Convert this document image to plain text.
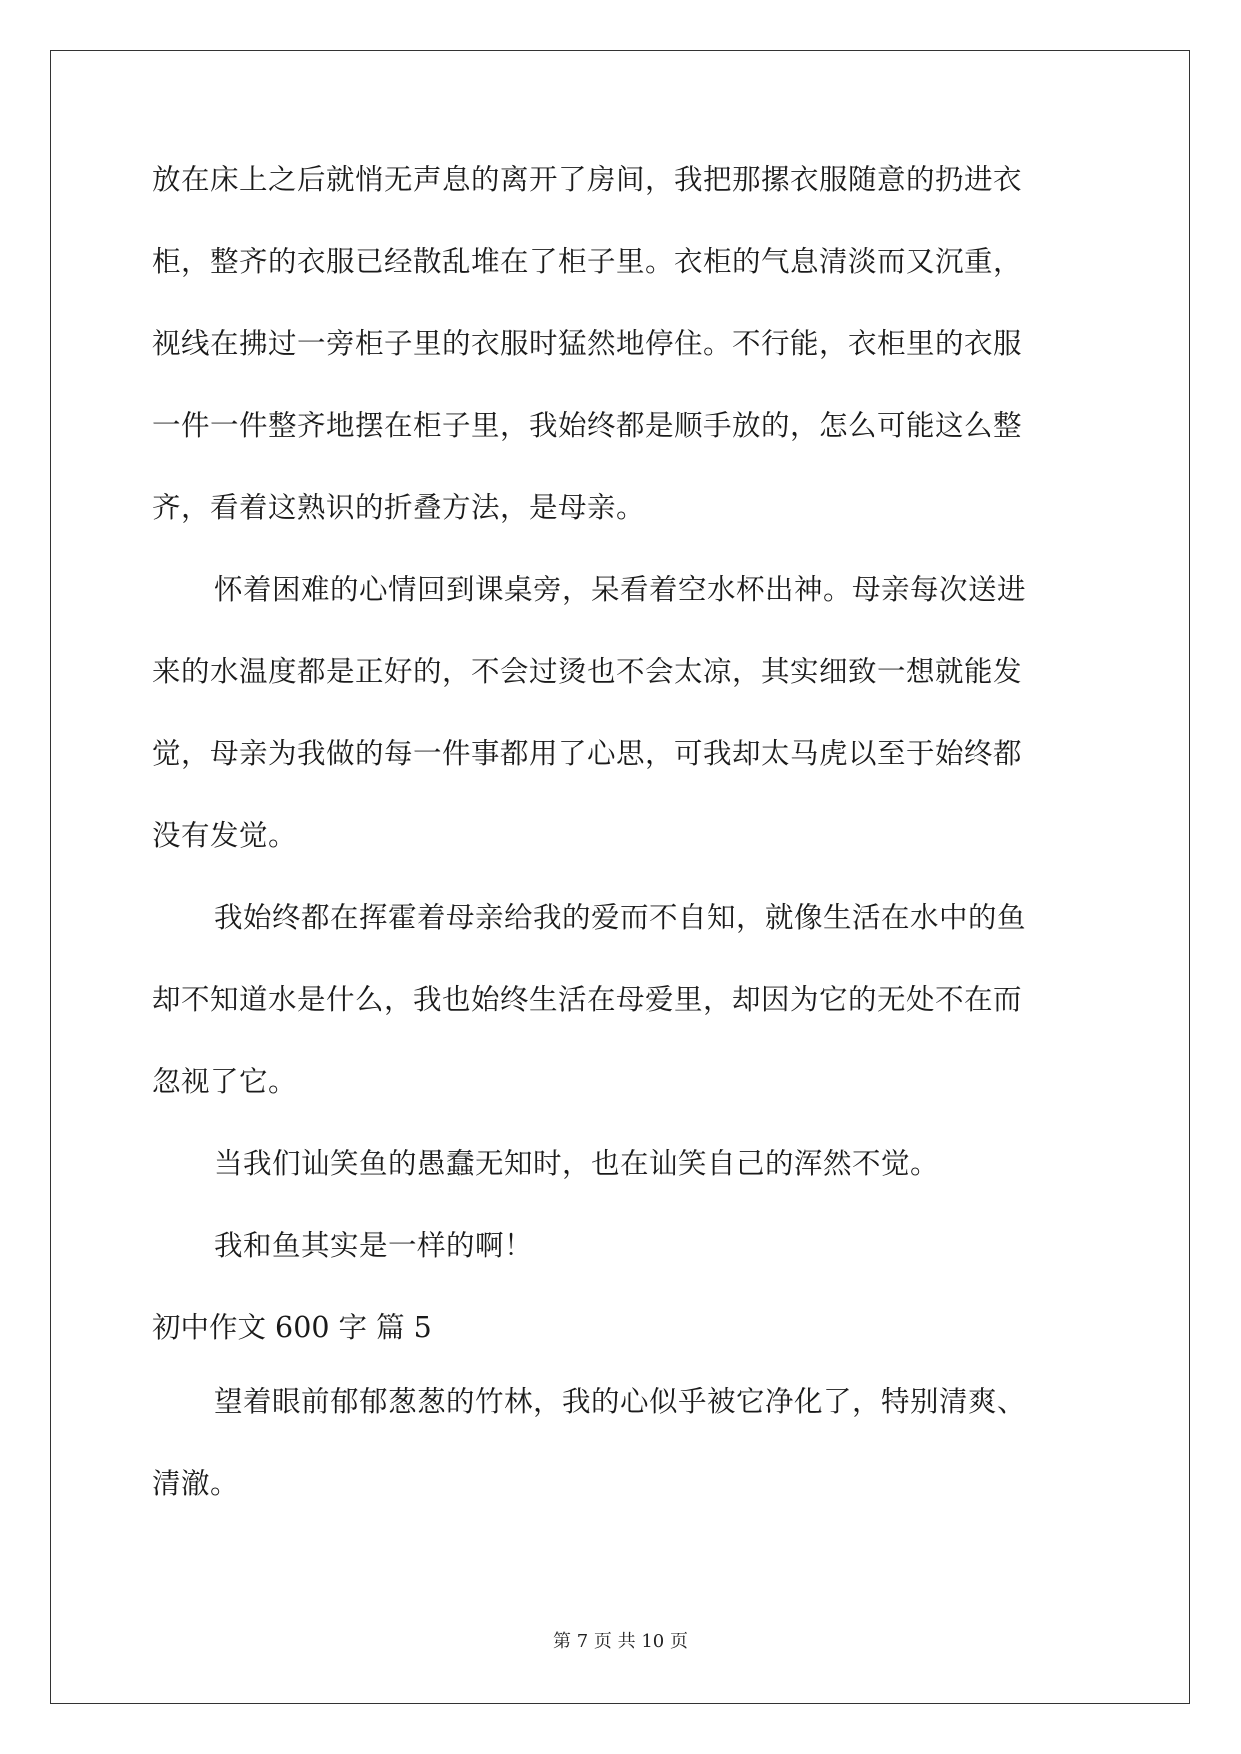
放在床上之后就悄无声息的离开了房间，我把那摞衣服随意的扔进衣
柜，整齐的衣服已经散乱堆在了柜子里。衣柜的气息清淡而又沉重，
视线在拂过一旁柜子里的衣服时猛然地停住。不行能，衣柜里的衣服
一件一件整齐地摆在柜子里，我始终都是顺手放的，怎么可能这么整
齐，看着这熟识的折叠方法，是母亲。
怀着困难的心情回到课桌旁，呆看着空水杯出神。母亲每次送进
来的水温度都是正好的，不会过烫也不会太凉，其实细致一想就能发
觉，母亲为我做的每一件事都用了心思，可我却太马虎以至于始终都
没有发觉。
我始终都在挥霍着母亲给我的爱而不自知，就像生活在水中的鱼
却不知道水是什么，我也始终生活在母爱里，却因为它的无处不在而
忽视了它。
当我们讪笑鱼的愚蠢无知时，也在讪笑自己的浑然不觉。
我和鱼其实是一样的啊！
初中作文 600 字 篇 5
望着眼前郁郁葱葱的竹林，我的心似乎被它净化了，特别清爽、
清澈。
第 7 页 共 10 页
